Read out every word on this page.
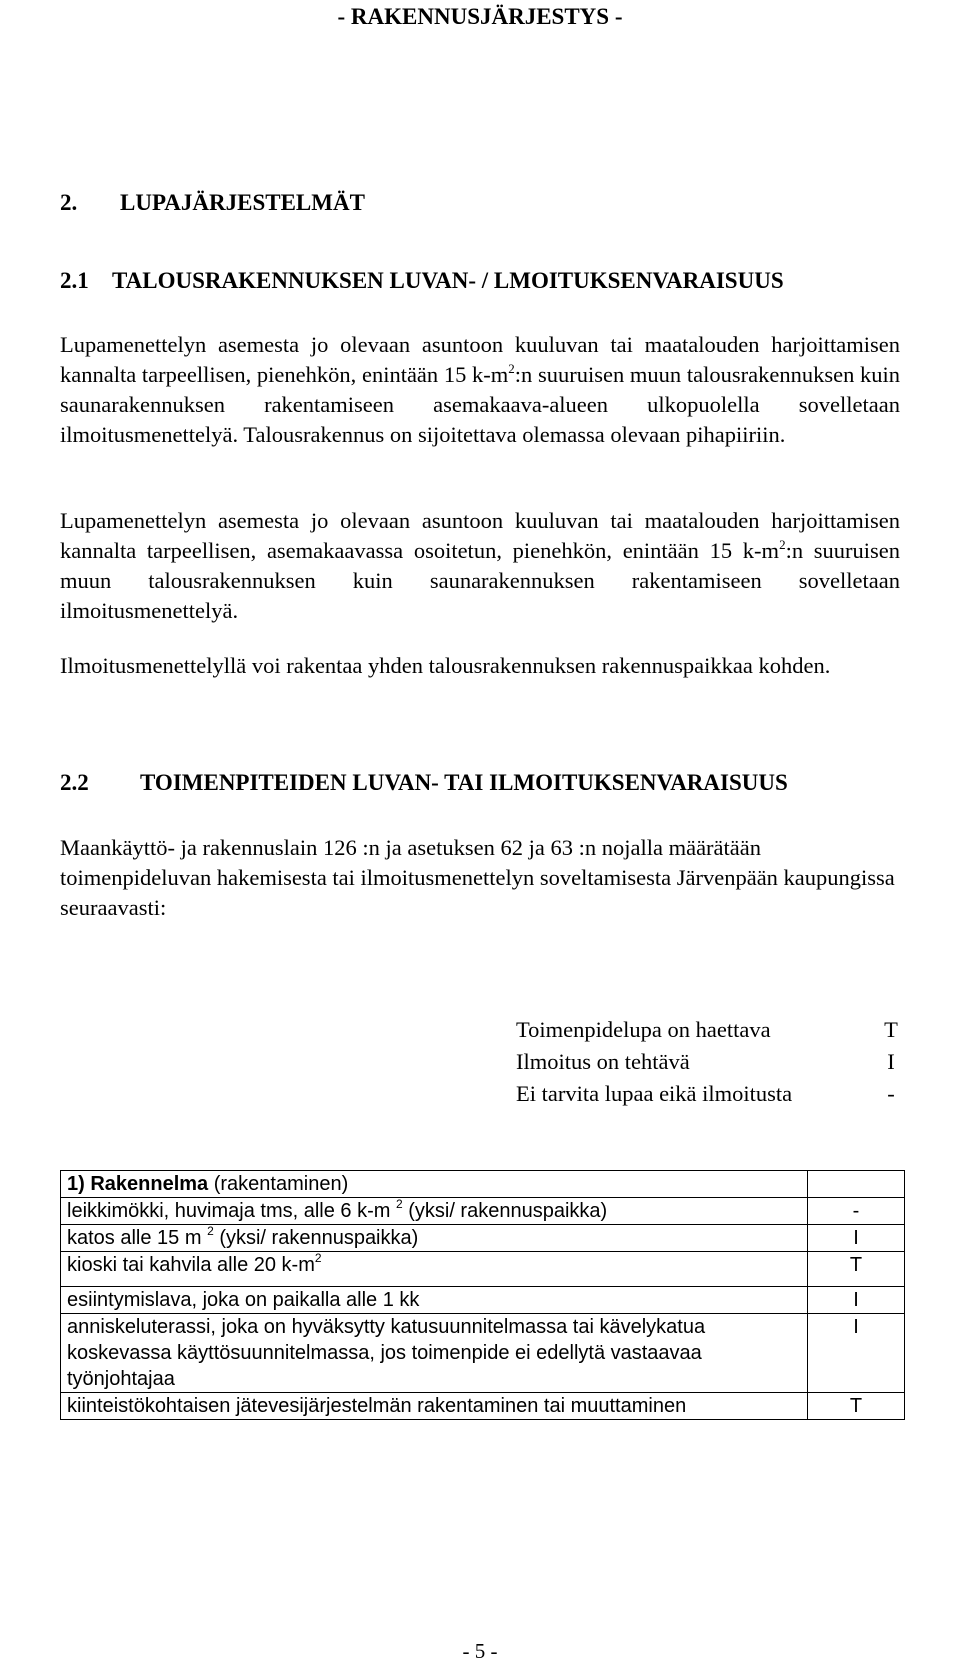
- RAKENNUSJÄRJESTYS -
2. LUPAJÄRJESTELMÄT
2.1 TALOUSRAKENNUKSEN LUVAN- / LMOITUKSENVARAISUUS

Lupamenettelyn asemesta jo olevaan asuntoon kuuluvan tai maatalouden harjoittamisen kannalta tarpeellisen, pienehkön, enintään 15 $k-m^2:n$ suuruisen muun talousrakennuksen kuin saunarakennuksen rakentamiseen asemakaava-alueen ulkopuolella sovelletaan ilmoitusmenettelyä. Talousrakennus on sijoitettava olemassa olevaan pihapiiriin.

Lupamenettelyn asemesta jo olevaan asuntoon kuuluvan tai maatalouden harjoittamisen kannalta tarpeellisen, asemakaavassa osoitetun, pienehkön, enintään 15 $k-m^2:n$ suuruisen muun talousrakennuksen kuin saunarakennuksen rakentamiseen sovelletaan ilmoitusmenettelyä.

Ilmoitusmenettelyllä voi rakentaa yhden talousrakennuksen rakennuspaikkaa kohden.

2.2 TOIMENPITEIDEN LUVAN- TAI ILMOITUKSENVARAISUUS

Maankäyttö- ja rakennuslain 126 :n ja asetuksen 62 ja 63 :n nojalla määrätään toimenpideluvan hakemisesta tai ilmoitusmenettelyn soveltamisesta Järvenpään kaupungissa seuraavasti:

Toimenpidelupa on haettava	T
Ilmoitus on tehtävä	I
Ei tarvita lupaa eikä ilmoitusta	-
1) Rakennelma (rakentaminen)	
leikkimökki, huvimaja tms, alle 6 k-m $^2$ (yksi/ rakennuspaikka)	-
katos alle 15 m $^2$ (yksi/ rakennuspaikka)	I
kioski tai kahvila alle 20 $k-m^2$	T
esiintymislava, joka on paikalla alle 1 kk	I
anniskeluterassi, joka on hyväksytty katusuunnitelmassa tai kävelykatua koskevassa käyttösuunnitelmassa, jos toimenpide ei edellytä vastaavaa työnjohtajaa	I
kiinteistökohtaisen jätevesijärjestelmän rakentaminen tai muuttaminen	T
- 5 -
